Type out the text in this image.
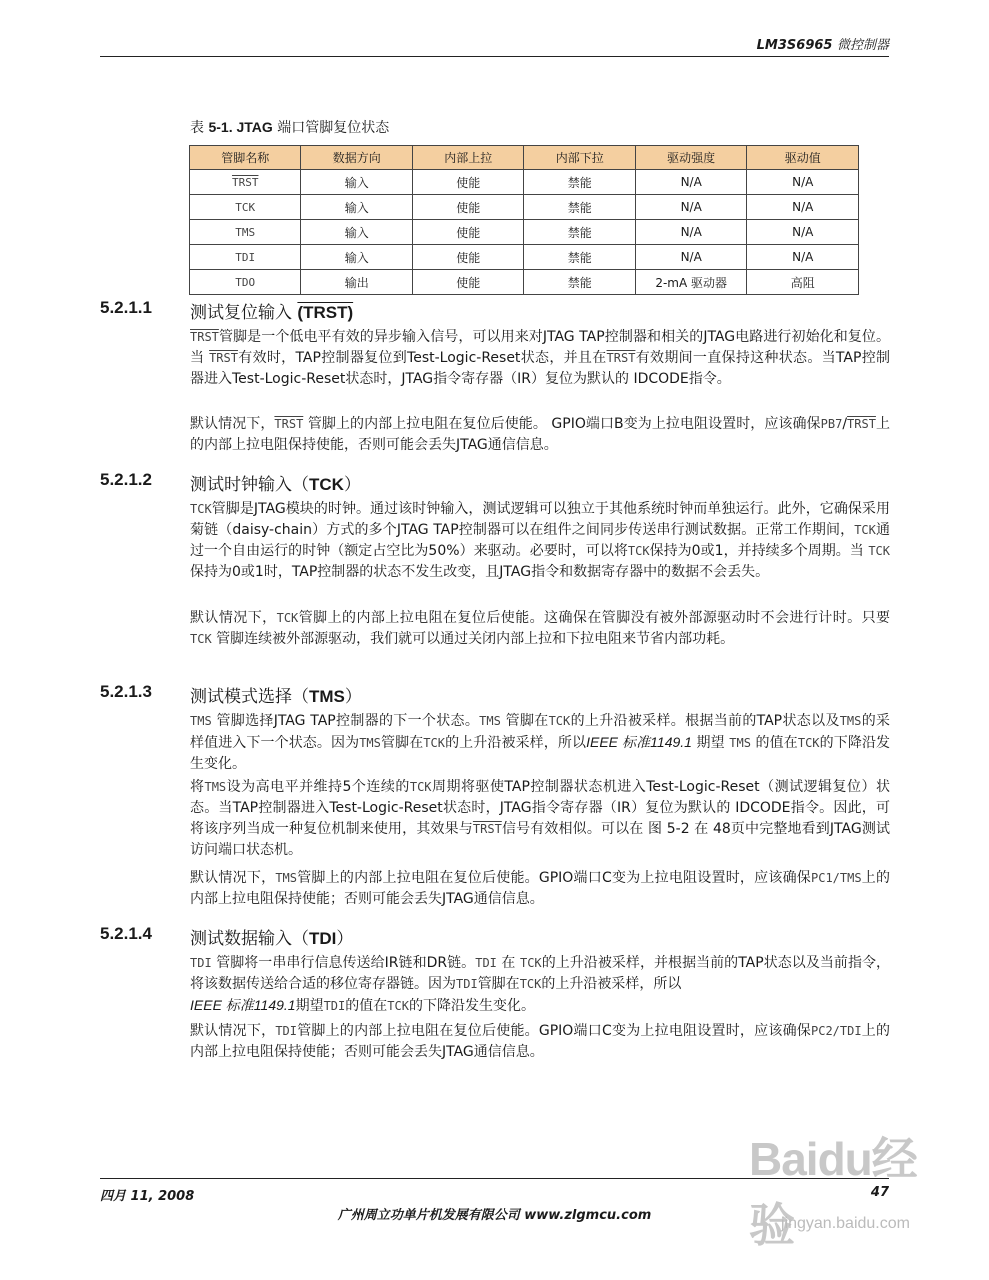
LM3S6965 微控制器
表 5-1. JTAG 端口管脚复位状态
管脚名称	数据方向	内部上拉	内部下拉	驱动强度	驱动值
TRST	输入	使能	禁能	N/A	N/A
TCK	输入	使能	禁能	N/A	N/A
TMS	输入	使能	禁能	N/A	N/A
TDI	输入	使能	禁能	N/A	N/A
TDO	输出	使能	禁能	2-mA 驱动器	高阻
5.2.1.1 测试复位输入 (TRST)

TRST管脚是一个低电平有效的异步输入信号，可以用来对JTAG TAP控制器和相关的JTAG电路进行初始化和复位。当 TRST有效时，TAP控制器复位到Test-Logic-Reset状态，并且在TRST有效期间一直保持这种状态。当TAP控制器进入Test-Logic-Reset状态时，JTAG指令寄存器（IR）复位为默认的 IDCODE指令。

默认情况下，TRST 管脚上的内部上拉电阻在复位后使能。 GPIO端口B变为上拉电阻设置时，应该确保PB7/TRST上的内部上拉电阻保持使能，否则可能会丢失JTAG通信信息。

5.2.1.2 测试时钟输入（TCK）

TCK管脚是JTAG模块的时钟。通过该时钟输入，测试逻辑可以独立于其他系统时钟而单独运行。此外，它确保采用菊链（daisy-chain）方式的多个JTAG TAP控制器可以在组件之间同步传送串行测试数据。正常工作期间，TCK通过一个自由运行的时钟（额定占空比为50%）来驱动。必要时，可以将TCK保持为0或1，并持续多个周期。当 TCK保持为0或1时，TAP控制器的状态不发生改变，且JTAG指令和数据寄存器中的数据不会丢失。

默认情况下，TCK管脚上的内部上拉电阻在复位后使能。这确保在管脚没有被外部源驱动时不会进行计时。只要 TCK 管脚连续被外部源驱动，我们就可以通过关闭内部上拉和下拉电阻来节省内部功耗。

5.2.1.3 测试模式选择（TMS）

TMS 管脚选择JTAG TAP控制器的下一个状态。TMS 管脚在TCK的上升沿被采样。根据当前的TAP状态以及TMS的采样值进入下一个状态。因为TMS管脚在TCK的上升沿被采样，所以IEEE 标准1149.1 期望 TMS 的值在TCK的下降沿发生变化。

将TMS设为高电平并维持5个连续的TCK周期将驱使TAP控制器状态机进入Test-Logic-Reset（测试逻辑复位）状态。当TAP控制器进入Test-Logic-Reset状态时，JTAG指令寄存器（IR）复位为默认的 IDCODE指令。因此，可将该序列当成一种复位机制来使用，其效果与TRST信号有效相似。可以在 图 5-2 在 48页中完整地看到JTAG测试访问端口状态机。

默认情况下，TMS管脚上的内部上拉电阻在复位后使能。GPIO端口C变为上拉电阻设置时，应该确保PC1/TMS上的内部上拉电阻保持使能；否则可能会丢失JTAG通信信息。

5.2.1.4 测试数据输入（TDI）

TDI 管脚将一串串行信息传送给IR链和DR链。TDI 在 TCK的上升沿被采样，并根据当前的TAP状态以及当前指令，将该数据传送给合适的移位寄存器链。因为TDI管脚在TCK的上升沿被采样，所以
IEEE 标准1149.1期望TDI的值在TCK的下降沿发生变化。

默认情况下，TDI管脚上的内部上拉电阻在复位后使能。GPIO端口C变为上拉电阻设置时，应该确保PC2/TDI上的内部上拉电阻保持使能；否则可能会丢失JTAG通信信息。

Baidu经验
jingyan.baidu.com
四月 11, 2008	47
广州周立功单片机发展有限公司 www.zlgmcu.com
